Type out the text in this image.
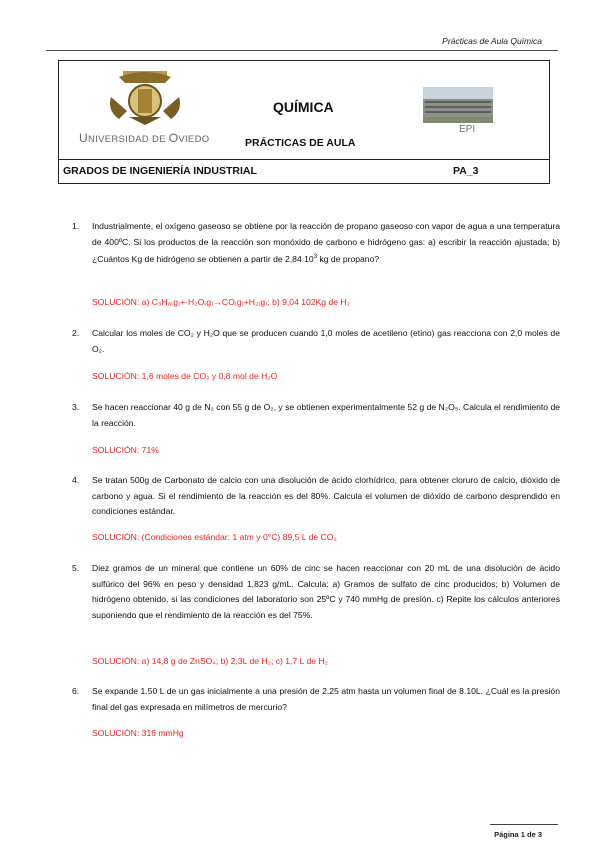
Prácticas de Aula Química
UNIVERSIDAD DE OVIEDO
QUÍMICA
PRÁCTICAS DE AULA
EPI
GRADOS DE INGENIERÍA INDUSTRIAL	PA_3
1. Industrialmente, el oxígeno gaseoso se obtiene por la reacción de propano gaseoso con vapor de agua a una temperatura de 400ºC. Si los productos de la reacción son monóxido de carbono e hidrógeno gas: a) escribir la reacción ajustada; b) ¿Cuántos Kg de hidrógeno se obtienen a partir de 2,84 $10^3$ kg de propano?
SOLUCIÓN: a) C₃H₈₍g₎+·H₂O₍g₎→CO₍g₎+H₂₍g₎; b) 9,04 102Kg de H₂
2. Calcular los moles de CO₂ y H₂O que se producen cuando 1,0 moles de acetileno (etino) gas reacciona con 2,0 moles de O₂.
SOLUCIÓN: 1,6 moles de CO₂ y 0,8 mol de H₂O
3. Se hacen reaccionar 40 g de N₂ con 55 g de O₂, y se obtienen experimentalmente 52 g de N₂O₅. Calcula el rendimiento de la reacción.
SOLUCIÓN: 71%
4. Se tratan 500g de Carbonato de calcio con una disolución de ácido clorhídrico, para obtener cloruro de calcio, dióxido de carbono y agua. Si el rendimiento de la reacción es del 80%. Calcula el volumen de dióxido de carbono desprendido en condiciones estándar.
SOLUCIÓN: (Condiciones estándar: 1 atm y 0°C) 89,5 L de CO₂
5. Diez gramos de un mineral que contiene un 60% de cinc se hacen reaccionar con 20 mL de una disolución de ácido sulfúrico del 96% en peso y densidad 1,823 g/mL. Calcula: a) Gramos de sulfato de cinc producidos; b) Volumen de hidrógeno obtenido, si las condiciones del laboratorio son 25ºC y 740 mmHg de presión. c) Repite los cálculos anteriores suponiendo que el rendimiento de la reacción es del 75%.
SOLUCIÓN: a) 14,8 g de ZnSO₄; b) 2,3L de H₂; c) 1,7 L de H₂
6. Se expande 1.50 L de un gas inicialmente a una presión de 2.25 atm hasta un volumen final de 8.10L. ¿Cuál es la presión final del gas expresada en milímetros de mercurio?
SOLUCIÓN: 316 mmHg
Página 1 de 3
